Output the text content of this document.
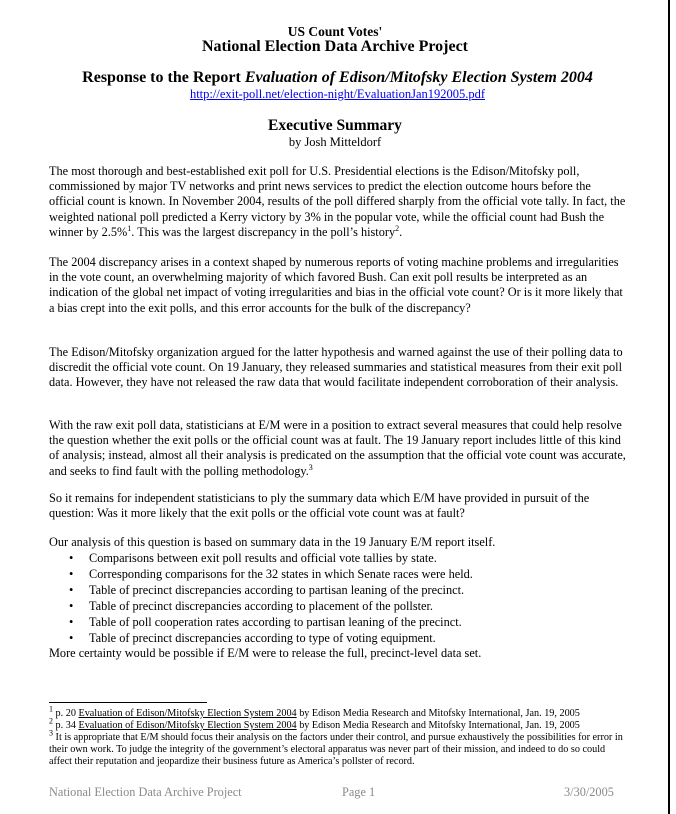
US Count Votes'
National Election Data Archive Project
Response to the Report Evaluation of Edison/Mitofsky Election System 2004
http://exit-poll.net/election-night/EvaluationJan192005.pdf
Executive Summary
by Josh Mitteldorf
The most thorough and best-established exit poll for U.S. Presidential elections is the Edison/Mitofsky poll, commissioned by major TV networks and print news services to predict the election outcome hours before the official count is known. In November 2004, results of the poll differed sharply from the official vote tally. In fact, the weighted national poll predicted a Kerry victory by 3% in the popular vote, while the official count had Bush the winner by 2.5%$^1$. This was the largest discrepancy in the poll’s history$^2$.
The 2004 discrepancy arises in a context shaped by numerous reports of voting machine problems and irregularities in the vote count, an overwhelming majority of which favored Bush. Can exit poll results be interpreted as an indication of the global net impact of voting irregularities and bias in the official vote count? Or is it more likely that a bias crept into the exit polls, and this error accounts for the bulk of the discrepancy?
The Edison/Mitofsky organization argued for the latter hypothesis and warned against the use of their polling data to discredit the official vote count. On 19 January, they released summaries and statistical measures from their exit poll data. However, they have not released the raw data that would facilitate independent corroboration of their analysis.
With the raw exit poll data, statisticians at E/M were in a position to extract several measures that could help resolve the question whether the exit polls or the official count was at fault. The 19 January report includes little of this kind of analysis; instead, almost all their analysis is predicated on the assumption that the official vote count was accurate, and seeks to find fault with the polling methodology.$^3$
So it remains for independent statisticians to ply the summary data which E/M have provided in pursuit of the question: Was it more likely that the exit polls or the official vote count was at fault?
Our analysis of this question is based on summary data in the 19 January E/M report itself.
• Comparisons between exit poll results and official vote tallies by state.
• Corresponding comparisons for the 32 states in which Senate races were held.
• Table of precinct discrepancies according to partisan leaning of the precinct.
• Table of precinct discrepancies according to placement of the pollster.
• Table of poll cooperation rates according to partisan leaning of the precinct.
• Table of precinct discrepancies according to type of voting equipment.
More certainty would be possible if E/M were to release the full, precinct-level data set.

$^1$ p. 20 Evaluation of Edison/Mitofsky Election System 2004 by Edison Media Research and Mitofsky International, Jan. 19, 2005

$^2$ p. 34 Evaluation of Edison/Mitofsky Election System 2004 by Edison Media Research and Mitofsky International, Jan. 19, 2005

$^3$ It is appropriate that E/M should focus their analysis on the factors under their control, and pursue exhaustively the possibilities for error in their own work. To judge the integrity of the government’s electoral apparatus was never part of their mission, and indeed to do so could affect their reputation and jeopardize their business future as America’s pollster of record.

National Election Data Archive Project	Page 1	3/30/2005
